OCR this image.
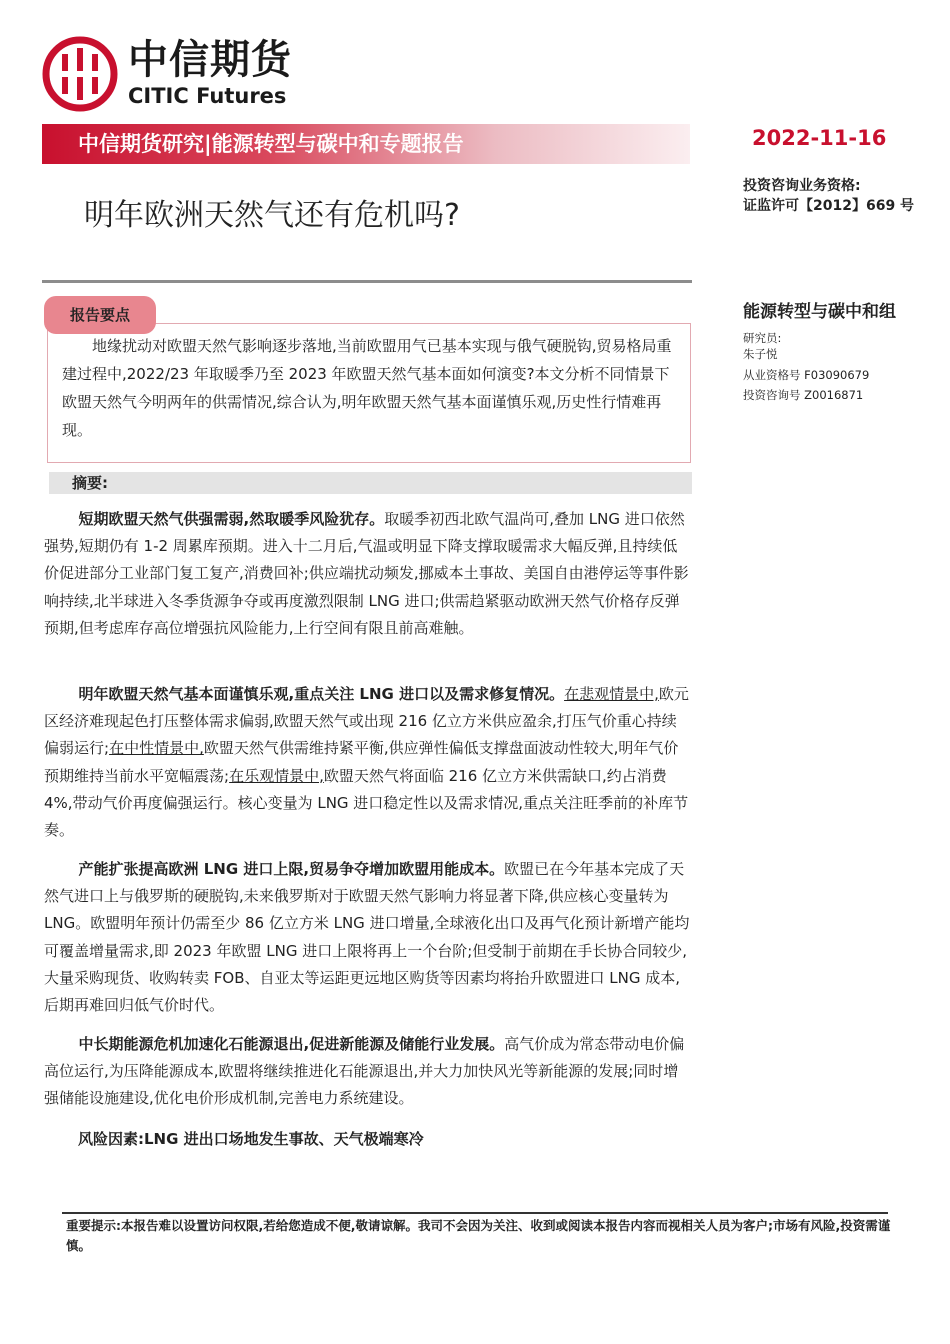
中信期货
CITIC Futures
中信期货研究|能源转型与碳中和专题报告	2022-11-16
投资咨询业务资格:
证监许可【2012】669 号
明年欧洲天然气还有危机吗?
能源转型与碳中和组
研究员:
朱子悦
从业资格号 F03090679
投资咨询号 Z0016871
报告要点

地缘扰动对欧盟天然气影响逐步落地,当前欧盟用气已基本实现与俄气硬脱钩,贸易格局重建过程中,2022/23 年取暖季乃至 2023 年欧盟天然气基本面如何演变?本文分析不同情景下欧盟天然气今明两年的供需情况,综合认为,明年欧盟天然气基本面谨慎乐观,历史性行情难再现。

摘要:

短期欧盟天然气供强需弱,然取暖季风险犹存。取暖季初西北欧气温尚可,叠加 LNG 进口依然强势,短期仍有 1-2 周累库预期。进入十二月后,气温或明显下降支撑取暖需求大幅反弹,且持续低价促进部分工业部门复工复产,消费回补;供应端扰动频发,挪威本土事故、美国自由港停运等事件影响持续,北半球进入冬季货源争夺或再度激烈限制 LNG 进口;供需趋紧驱动欧洲天然气价格存反弹预期,但考虑库存高位增强抗风险能力,上行空间有限且前高难触。

明年欧盟天然气基本面谨慎乐观,重点关注 LNG 进口以及需求修复情况。在悲观情景中,欧元区经济难现起色打压整体需求偏弱,欧盟天然气或出现 216 亿立方米供应盈余,打压气价重心持续偏弱运行;在中性情景中,欧盟天然气供需维持紧平衡,供应弹性偏低支撑盘面波动性较大,明年气价预期维持当前水平宽幅震荡;在乐观情景中,欧盟天然气将面临 216 亿立方米供需缺口,约占消费 4%,带动气价再度偏强运行。核心变量为 LNG 进口稳定性以及需求情况,重点关注旺季前的补库节奏。

产能扩张提高欧洲 LNG 进口上限,贸易争夺增加欧盟用能成本。欧盟已在今年基本完成了天然气进口上与俄罗斯的硬脱钩,未来俄罗斯对于欧盟天然气影响力将显著下降,供应核心变量转为 LNG。欧盟明年预计仍需至少 86 亿立方米 LNG 进口增量,全球液化出口及再气化预计新增产能均可覆盖增量需求,即 2023 年欧盟 LNG 进口上限将再上一个台阶;但受制于前期在手长协合同较少,大量采购现货、收购转卖 FOB、自亚太等运距更远地区购货等因素均将抬升欧盟进口 LNG 成本,后期再难回归低气价时代。

中长期能源危机加速化石能源退出,促进新能源及储能行业发展。高气价成为常态带动电价偏高位运行,为压降能源成本,欧盟将继续推进化石能源退出,并大力加快风光等新能源的发展;同时增强储能设施建设,优化电价形成机制,完善电力系统建设。

风险因素:LNG 进出口场地发生事故、天气极端寒冷

重要提示:本报告难以设置访问权限,若给您造成不便,敬请谅解。我司不会因为关注、收到或阅读本报告内容而视相关人员为客户;市场有风险,投资需谨慎。
